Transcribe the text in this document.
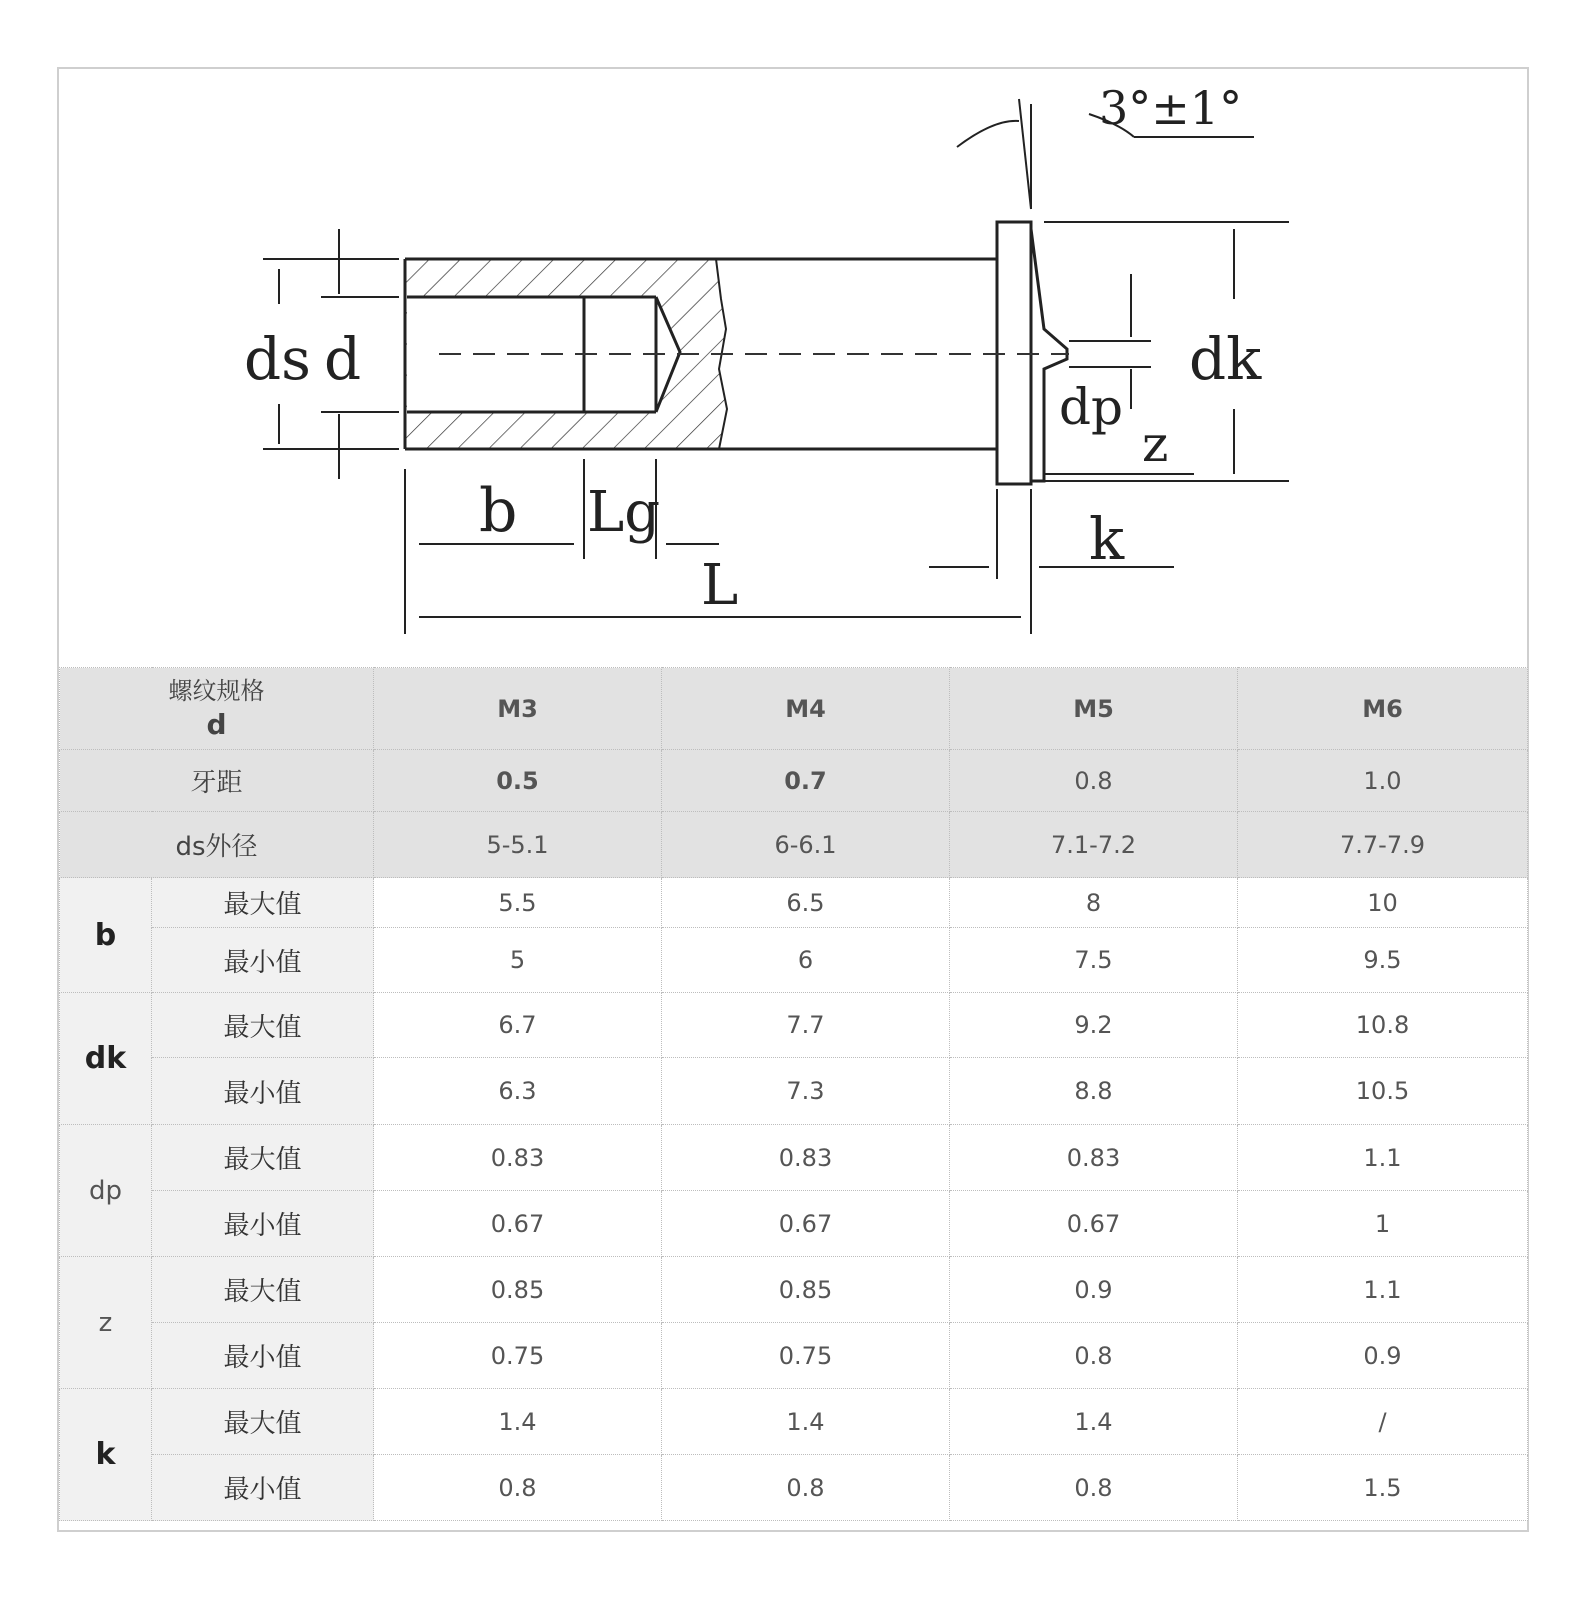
3°±1°
ds d	dk
dp
z
b Lg
L
k
螺纹规格
d		M3	M4	M5	M6
牙距		0.5	0.7	0.8	1.0
ds外径		5-5.1	6-6.1	7.1-7.2	7.7-7.9
b	最大值	5.5	6.5	8	10
	最小值	5	6	7.5	9.5
dk	最大值	6.7	7.7	9.2	10.8
	最小值	6.3	7.3	8.8	10.5
dp	最大值	0.83	0.83	0.83	1.1
	最小值	0.67	0.67	0.67	1
z	最大值	0.85	0.85	0.9	1.1
	最小值	0.75	0.75	0.8	0.9
k	最大值	1.4	1.4	1.4	/
	最小值	0.8	0.8	0.8	1.5
